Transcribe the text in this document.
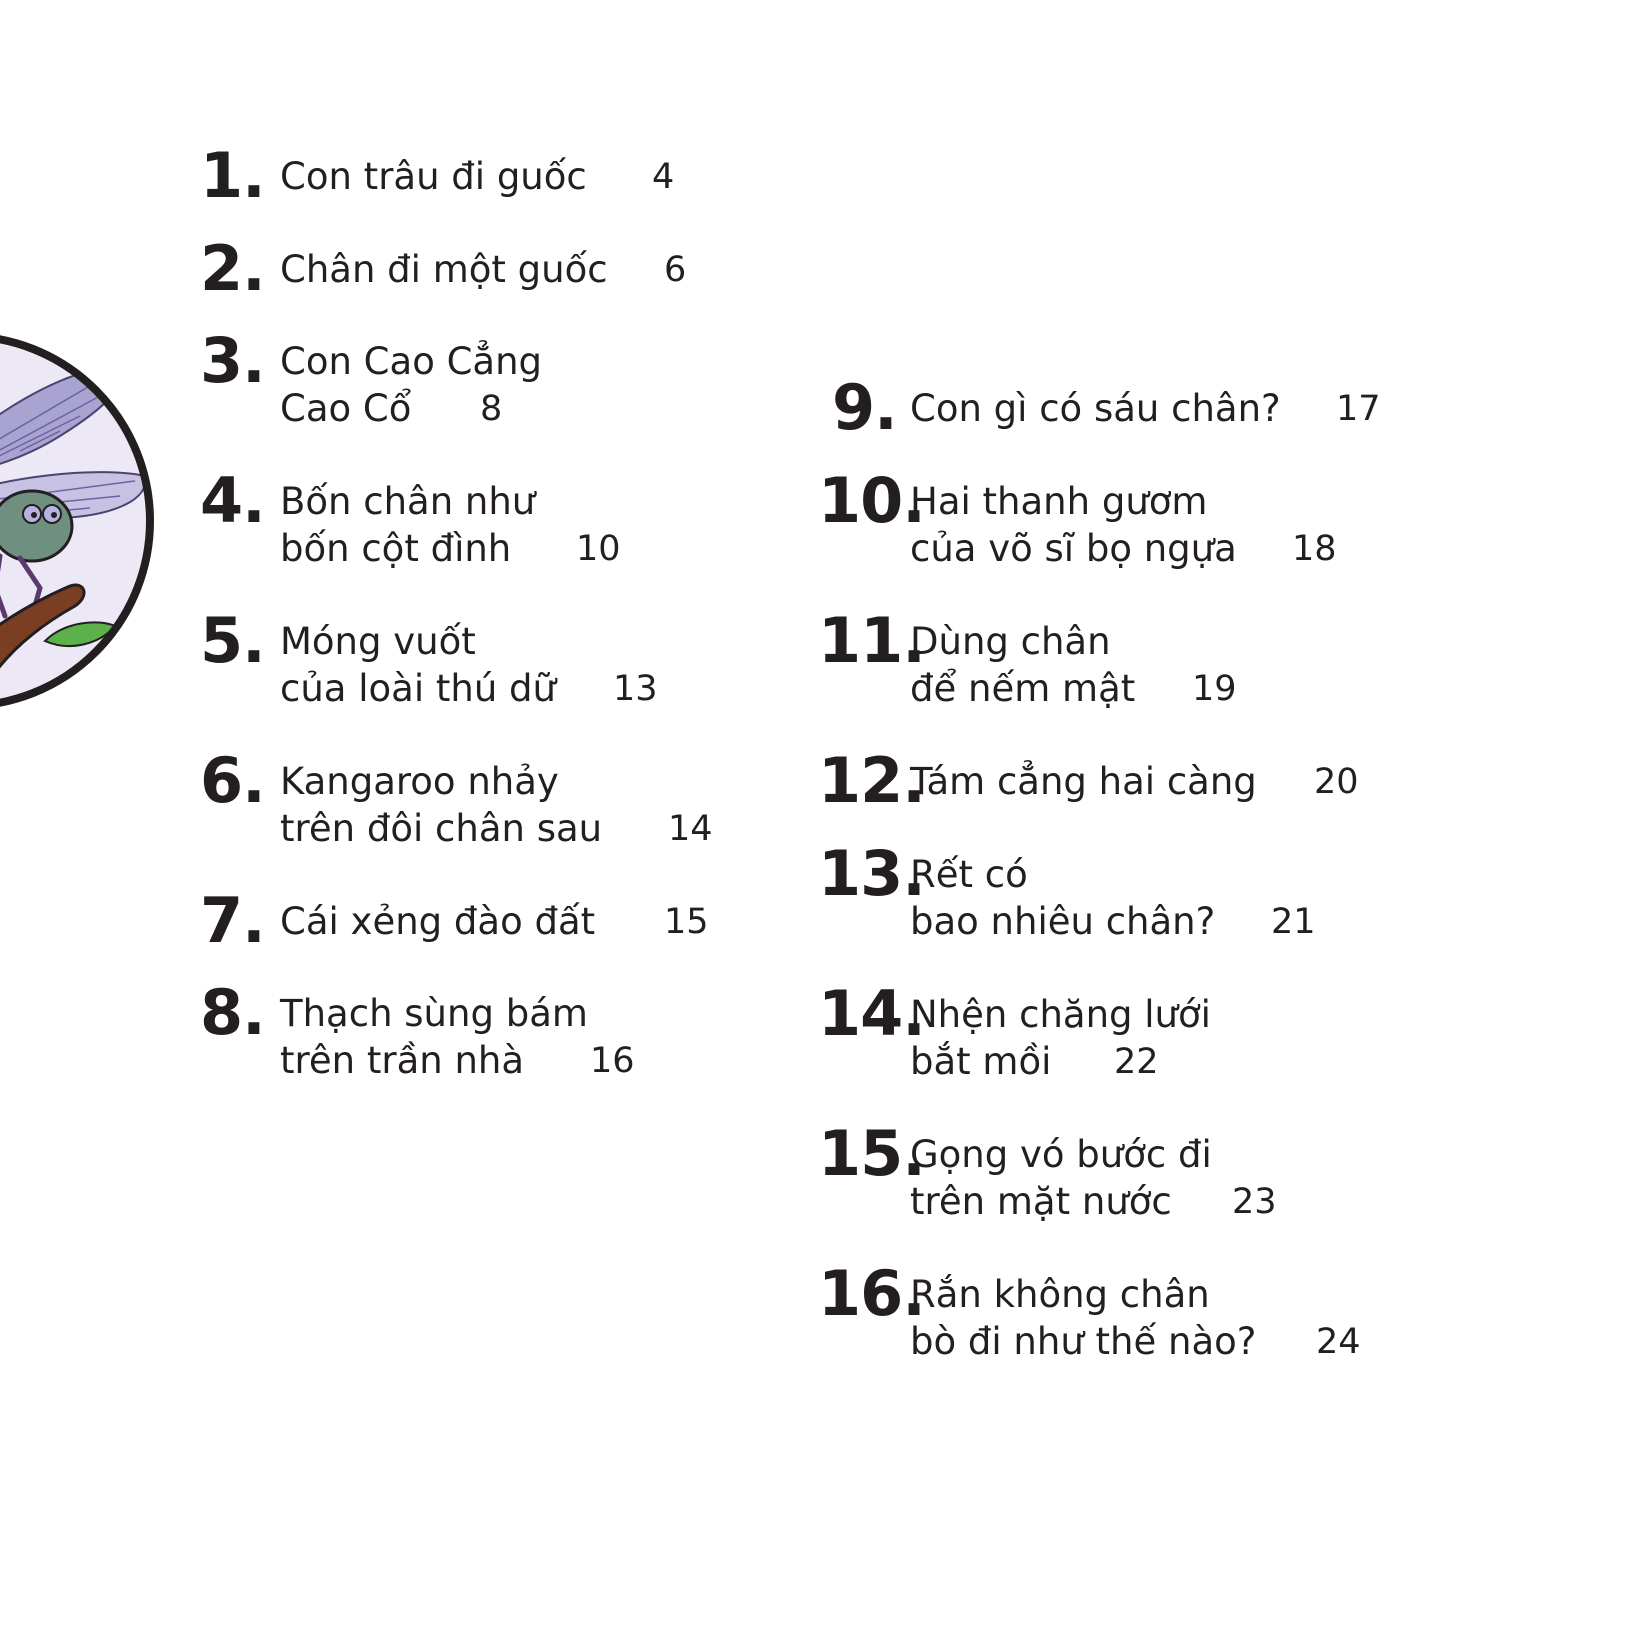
1. Con trâu đi guốc 4
2. Chân đi một guốc 6
3. Con Cao Cẳng
Cao Cổ 8
4. Bốn chân như
bốn cột đình 10
5. Móng vuốt
của loài thú dữ 13
6. Kangaroo nhảy
trên đôi chân sau 14
7. Cái xẻng đào đất 15
8. Thạch sùng bám
trên trần nhà 16
9. Con gì có sáu chân? 17
10.
Hai thanh gươm
của võ sĩ bọ ngựa 18
11.
Dùng chân
để nếm mật 19
12.
Tám cẳng hai càng 20
13.
Rết có
bao nhiêu chân? 21
14.
Nhện chăng lưới
bắt mồi 22
15.
Gọng vó bước đi
trên mặt nước 23
16.
Rắn không chân
bò đi như thế nào? 24
